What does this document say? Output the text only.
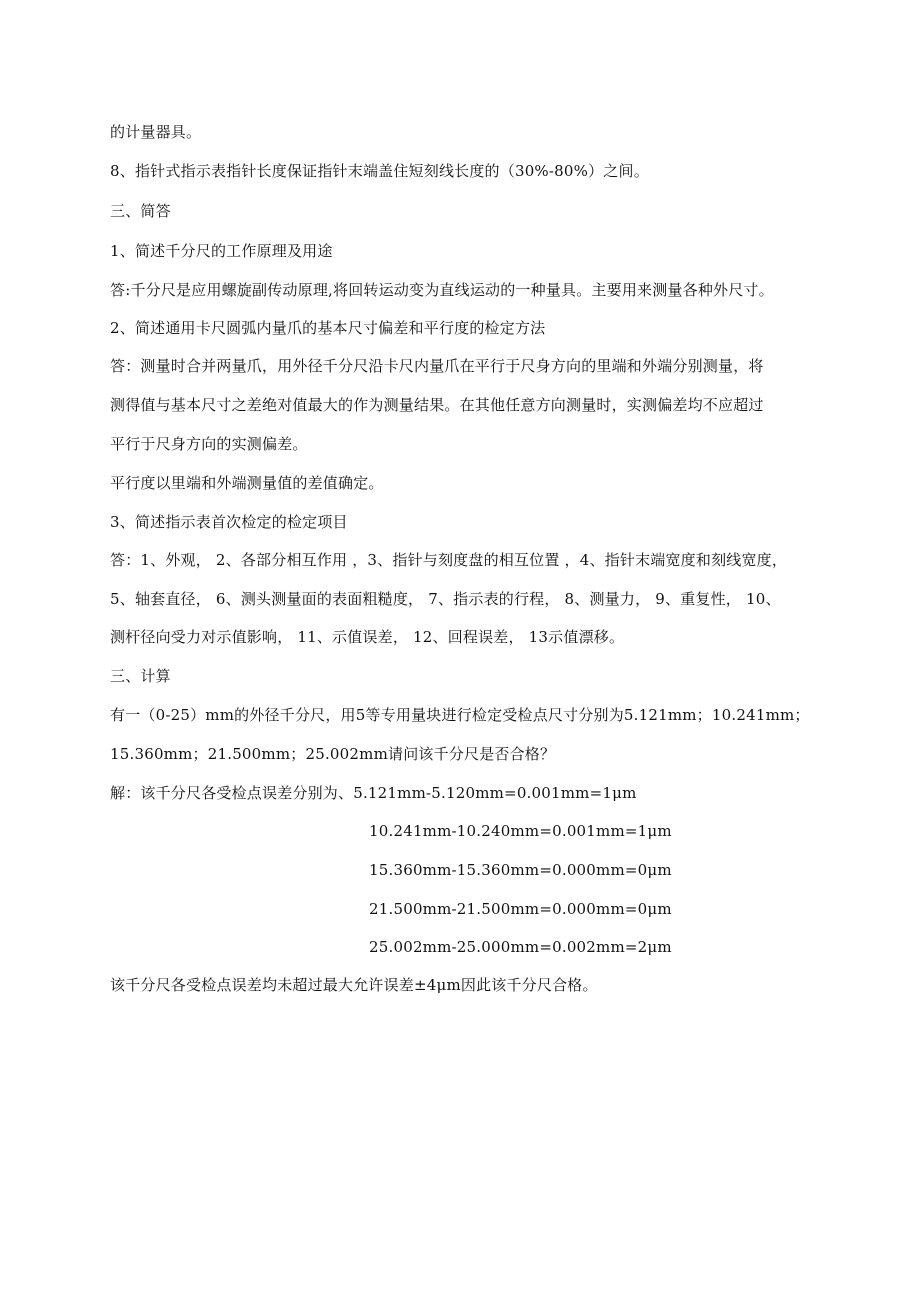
的计量器具。
8、指针式指示表指针长度保证指针末端盖住短刻线长度的（30%-80%）之间。
三、简答
1、简述千分尺的工作原理及用途
答:千分尺是应用螺旋副传动原理,将回转运动变为直线运动的一种量具。主要用来测量各种外尺寸。
2、简述通用卡尺圆弧内量爪的基本尺寸偏差和平行度的检定方法
答：测量时合并两量爪，用外径千分尺沿卡尺内量爪在平行于尺身方向的里端和外端分别测量，将
测得值与基本尺寸之差绝对值最大的作为测量结果。在其他任意方向测量时，实测偏差均不应超过
平行于尺身方向的实测偏差。
平行度以里端和外端测量值的差值确定。
3、简述指示表首次检定的检定项目
答：1、外观， 2、各部分相互作用 ，3、指针与刻度盘的相互位置 ，4、指针末端宽度和刻线宽度，
5、轴套直径， 6、测头测量面的表面粗糙度， 7、指示表的行程， 8、测量力， 9、重复性， 10、
测杆径向受力对示值影响， 11、示值误差， 12、回程误差， 13示值漂移。
三、计算
有一（0-25）mm的外径千分尺，用5等专用量块进行检定受检点尺寸分别为5.121mm；10.241mm；
15.360mm；21.500mm；25.002mm请问该千分尺是否合格？
解：该千分尺各受检点误差分别为、5.121mm-5.120mm=0.001mm=1μm
10.241mm-10.240mm=0.001mm=1μm
15.360mm-15.360mm=0.000mm=0μm
21.500mm-21.500mm=0.000mm=0μm
25.002mm-25.000mm=0.002mm=2μm
该千分尺各受检点误差均未超过最大允许误差±4μm因此该千分尺合格。
